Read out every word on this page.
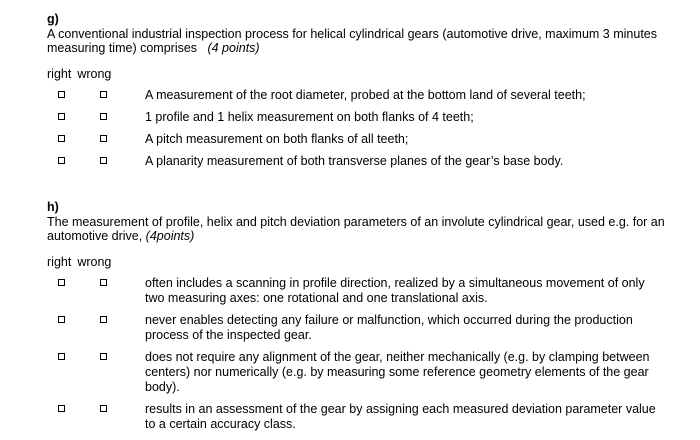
g)
A conventional industrial inspection process for helical cylindrical gears (automotive drive, maximum 3 minutes measuring time) comprises (4 points)
right wrong
A measurement of the root diameter, probed at the bottom land of several teeth;
1 profile and 1 helix measurement on both flanks of 4 teeth;
A pitch measurement on both flanks of all teeth;
A planarity measurement of both transverse planes of the gear’s base body.
h)
The measurement of profile, helix and pitch deviation parameters of an involute cylindrical gear, used e.g. for an automotive drive, (4points)
right wrong
often includes a scanning in profile direction, realized by a simultaneous movement of only two measuring axes: one rotational and one translational axis.
never enables detecting any failure or malfunction, which occurred during the production process of the inspected gear.
does not require any alignment of the gear, neither mechanically (e.g. by clamping between centers) nor numerically (e.g. by measuring some reference geometry elements of the gear body).
results in an assessment of the gear by assigning each measured deviation parameter value to a certain accuracy class.
